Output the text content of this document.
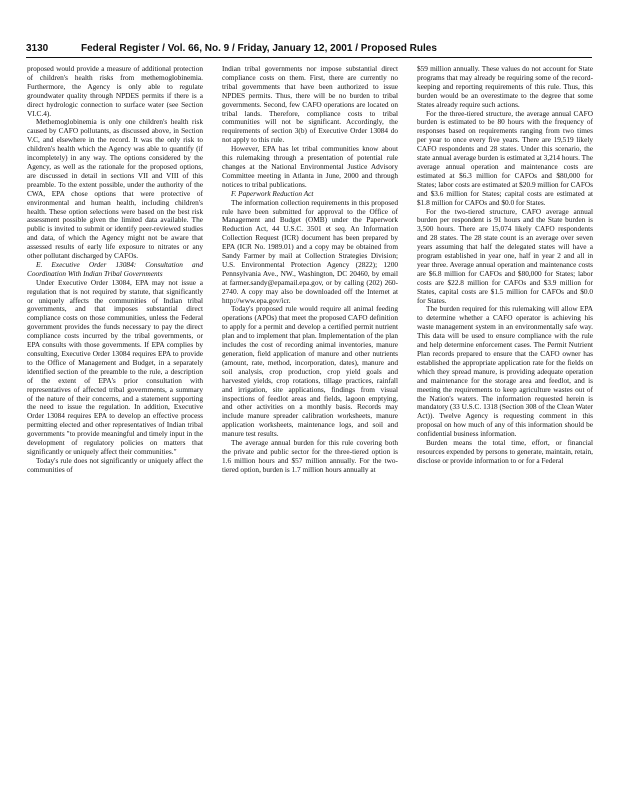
3130	Federal Register / Vol. 66, No. 9 / Friday, January 12, 2001 / Proposed Rules

proposed would provide a measure of additional protection of children's health risks from methemoglobinemia. Furthermore, the Agency is only able to regulate groundwater quality through NPDES permits if there is a direct hydrologic connection to surface water (see Section VI.C.4).

Methemoglobinemia is only one children's health risk caused by CAFO pollutants, as discussed above, in Section V.C, and elsewhere in the record. It was the only risk to children's health which the Agency was able to quantify (if incompletely) in any way. The options considered by the Agency, as well as the rationale for the proposed options, are discussed in detail in sections VII and VIII of this preamble. To the extent possible, under the authority of the CWA, EPA chose options that were protective of environmental and human health, including children's health. These option selections were based on the best risk assessment possible given the limited data available. The public is invited to submit or identify peer-reviewed studies and data, of which the Agency might not be aware that assessed results of early life exposure to nitrates or any other pollutant discharged by CAFOs.

E. Executive Order 13084: Consultation and Coordination With Indian Tribal Governments

Under Executive Order 13084, EPA may not issue a regulation that is not required by statute, that significantly or uniquely affects the communities of Indian tribal governments, and that imposes substantial direct compliance costs on those communities, unless the Federal government provides the funds necessary to pay the direct compliance costs incurred by the tribal governments, or EPA consults with those governments. If EPA complies by consulting, Executive Order 13084 requires EPA to provide to the Office of Management and Budget, in a separately identified section of the preamble to the rule, a description of the extent of EPA's prior consultation with representatives of affected tribal governments, a summary of the nature of their concerns, and a statement supporting the need to issue the regulation. In addition, Executive Order 13084 requires EPA to develop an effective process permitting elected and other representatives of Indian tribal governments "to provide meaningful and timely input in the development of regulatory policies on matters that significantly or uniquely affect their communities."

Today's rule does not significantly or uniquely affect the communities of

Indian tribal governments nor impose substantial direct compliance costs on them. First, there are currently no tribal governments that have been authorized to issue NPDES permits. Thus, there will be no burden to tribal governments. Second, few CAFO operations are located on tribal lands. Therefore, compliance costs to tribal communities will not be significant. Accordingly, the requirements of section 3(b) of Executive Order 13084 do not apply to this rule.

However, EPA has let tribal communities know about this rulemaking through a presentation of potential rule changes at the National Environmental Justice Advisory Committee meeting in Atlanta in June, 2000 and through notices to tribal publications.

F. Paperwork Reduction Act

The information collection requirements in this proposed rule have been submitted for approval to the Office of Management and Budget (OMB) under the Paperwork Reduction Act, 44 U.S.C. 3501 et seq. An Information Collection Request (ICR) document has been prepared by EPA (ICR No. 1989.01) and a copy may be obtained from Sandy Farmer by mail at Collection Strategies Division; U.S. Environmental Protection Agency (2822); 1200 Pennsylvania Ave., NW., Washington, DC 20460, by email at farmer.sandy@epamail.epa.gov, or by calling (202) 260-2740. A copy may also be downloaded off the Internet at http://www.epa.gov/icr.

Today's proposed rule would require all animal feeding operations (APOs) that meet the proposed CAFO definition to apply for a permit and develop a certified permit nutrient plan and to implement that plan. Implementation of the plan includes the cost of recording animal inventories, manure generation, field application of manure and other nutrients (amount, rate, method, incorporation, dates), manure and soil analysis, crop production, crop yield goals and harvested yields, crop rotations, tillage practices, rainfall and irrigation, site applications, findings from visual inspections of feedlot areas and fields, lagoon emptying, and other activities on a monthly basis. Records may include manure spreader calibration worksheets, manure application worksheets, maintenance logs, and soil and manure test results.

The average annual burden for this rule covering both the private and public sector for the three-tiered option is 1.6 million hours and $57 million annually. For the two-tiered option, burden is 1.7 million hours annually at

$59 million annually. These values do not account for State programs that may already be requiring some of the record-keeping and reporting requirements of this rule. Thus, this burden would be an overestimate to the degree that some States already require such actions.

For the three-tiered structure, the average annual CAFO burden is estimated to be 80 hours with the frequency of responses based on requirements ranging from two times per year to once every five years. There are 19,519 likely CAFO respondents and 28 states. Under this scenario, the state annual average burden is estimated at 3,214 hours. The average annual operation and maintenance costs are estimated at $6.3 million for CAFOs and $80,000 for States; labor costs are estimated at $20.9 million for CAFOs and $3.6 million for States; capital costs are estimated at $1.8 million for CAFOs and $0.0 for States.

For the two-tiered structure, CAFO average annual burden per respondent is 91 hours and the State burden is 3,500 hours. There are 15,074 likely CAFO respondents and 28 states. The 28 state count is an average over seven years assuming that half the delegated states will have a program established in year one, half in year 2 and all in year three. Average annual operation and maintenance costs are $6.8 million for CAFOs and $80,000 for States; labor costs are $22.8 million for CAFOs and $3.9 million for States, capital costs are $1.5 million for CAFOs and $0.0 for States.

The burden required for this rulemaking will allow EPA to determine whether a CAFO operator is achieving his waste management system in an environmentally safe way. This data will be used to ensure compliance with the rule and help determine enforcement cases. The Permit Nutrient Plan records prepared to ensure that the CAFO owner has established the appropriate application rate for the fields on which they spread manure, is providing adequate operation and maintenance for the storage area and feedlot, and is meeting the requirements to keep agriculture wastes out of the Nation's waters. The information requested herein is mandatory (33 U.S.C. 1318 (Section 308 of the Clean Water Act)). Twelve Agency is requesting comment in this proposal on how much of any of this information should be confidential business information.

Burden means the total time, effort, or financial resources expended by persons to generate, maintain, retain, disclose or provide information to or for a Federal
